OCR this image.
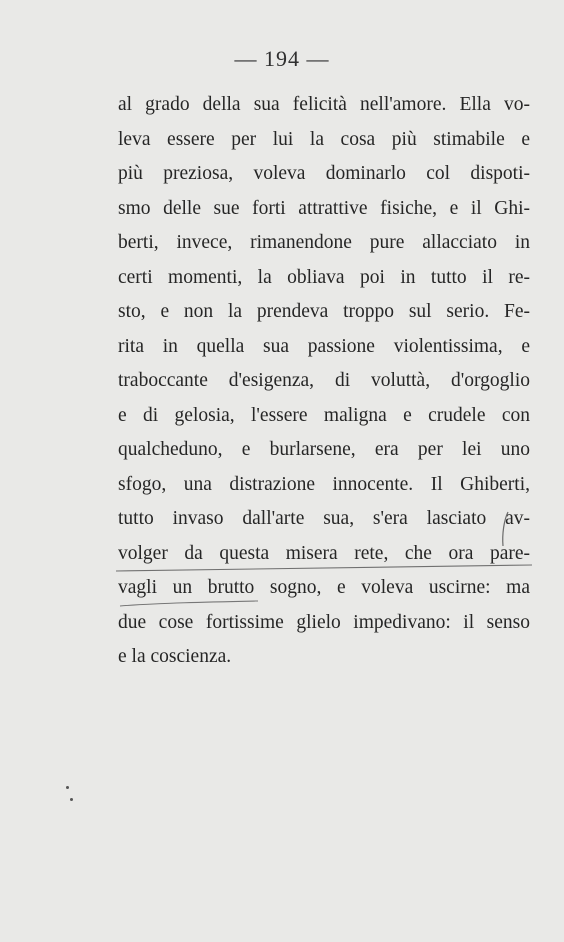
— 194 —
al grado della sua felicità nell'amore. Ella vo-
leva essere per lui la cosa più stimabile e
più preziosa, voleva dominarlo col dispoti-
smo delle sue forti attrattive fisiche, e il Ghi-
berti, invece, rimanendone pure allacciato in
certi momenti, la obliava poi in tutto il re-
sto, e non la prendeva troppo sul serio. Fe-
rita in quella sua passione violentissima, e
traboccante d'esigenza, di voluttà, d'orgoglio
e di gelosia, l'essere maligna e crudele con
qualcheduno, e burlarsene, era per lei uno
sfogo, una distrazione innocente. Il Ghiberti,
tutto invaso dall'arte sua, s'era lasciato av-
volger da questa misera rete, che ora pare-
vagli un brutto sogno, e voleva uscirne: ma
due cose fortissime glielo impedivano: il senso
e la coscienza.
